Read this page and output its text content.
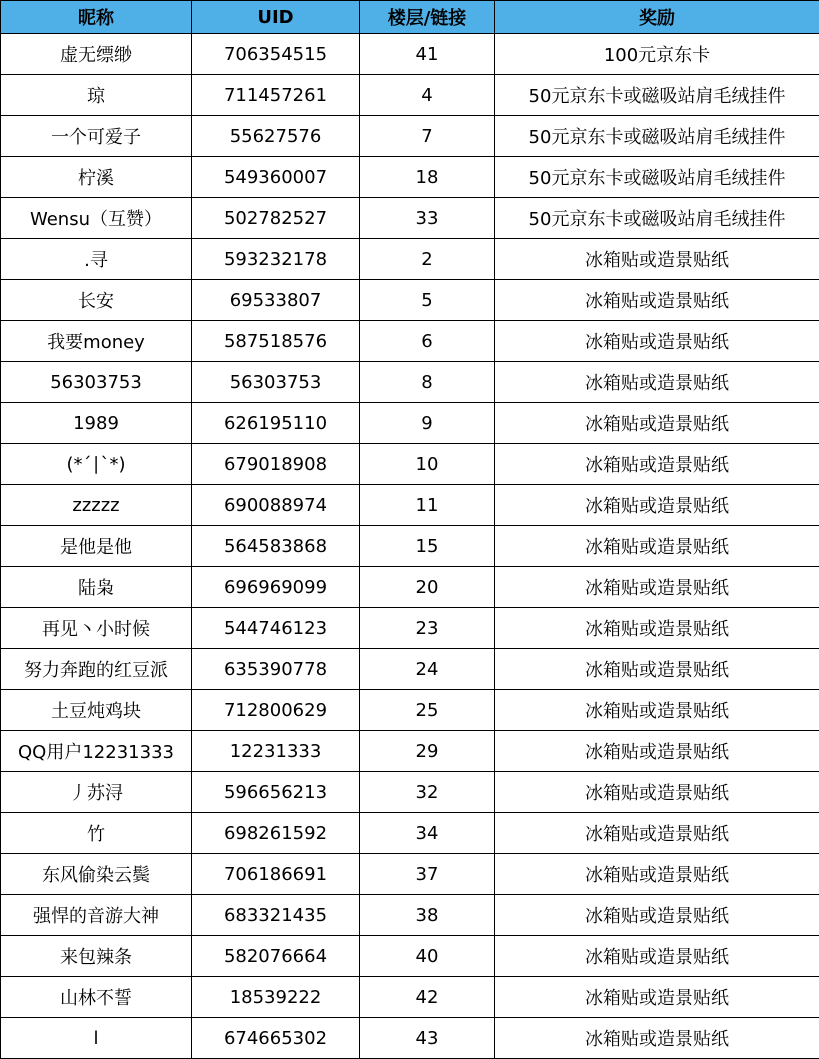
昵称	UID	楼层/链接	奖励
虚无缥缈	706354515	41	100元京东卡
琼	711457261	4	50元京东卡或磁吸站肩毛绒挂件
一个可爱子	55627576	7	50元京东卡或磁吸站肩毛绒挂件
柠溪	549360007	18	50元京东卡或磁吸站肩毛绒挂件
Wensu（互赞）	502782527	33	50元京东卡或磁吸站肩毛绒挂件
.寻	593232178	2	冰箱贴或造景贴纸
长安	69533807	5	冰箱贴或造景贴纸
我要money	587518576	6	冰箱贴或造景贴纸
56303753	56303753	8	冰箱贴或造景贴纸
1989	626195110	9	冰箱贴或造景贴纸
(*´∣`*)	679018908	10	冰箱贴或造景贴纸
zzzzz	690088974	11	冰箱贴或造景贴纸
是他是他	564583868	15	冰箱贴或造景贴纸
陆枭	696969099	20	冰箱贴或造景贴纸
再见丶小时候	544746123	23	冰箱贴或造景贴纸
努力奔跑的红豆派	635390778	24	冰箱贴或造景贴纸
土豆炖鸡块	712800629	25	冰箱贴或造景贴纸
QQ用户12231333	12231333	29	冰箱贴或造景贴纸
丿苏浔	596656213	32	冰箱贴或造景贴纸
竹	698261592	34	冰箱贴或造景贴纸
东风偷染云鬓	706186691	37	冰箱贴或造景贴纸
强悍的音游大神	683321435	38	冰箱贴或造景贴纸
来包辣条	582076664	40	冰箱贴或造景贴纸
山林不誓	18539222	42	冰箱贴或造景贴纸
l	674665302	43	冰箱贴或造景贴纸
